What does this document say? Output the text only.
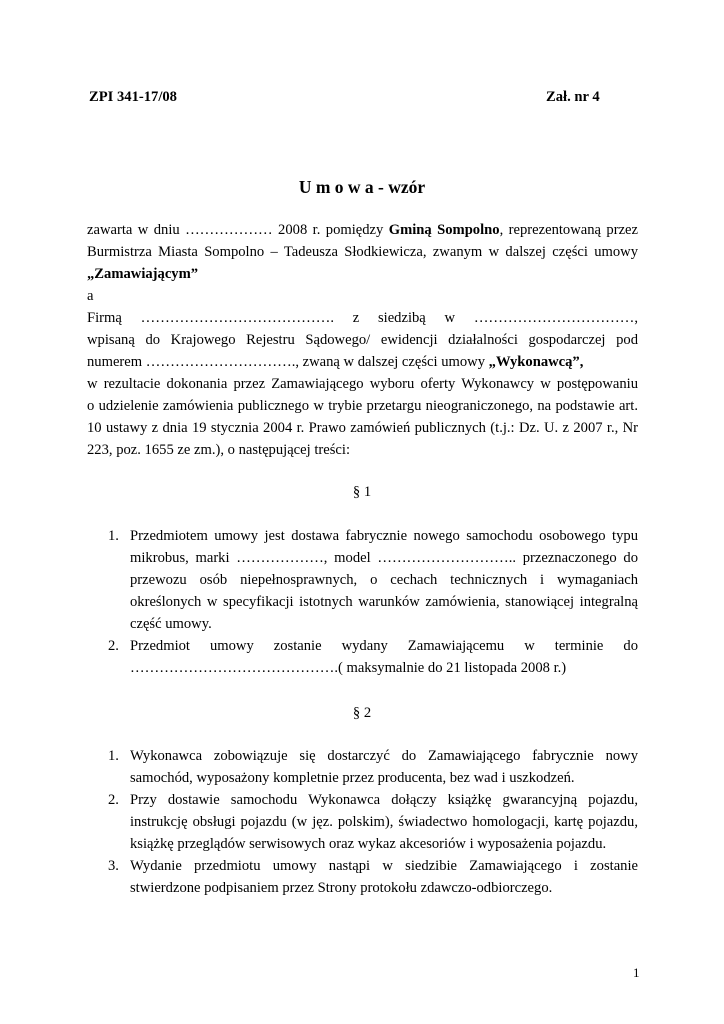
ZPI 341-17/08	Zał. nr 4
U m o w a - wzór
zawarta w dniu ……………… 2008 r. pomiędzy Gminą Sompolno, reprezentowaną przez
Burmistrza Miasta Sompolno – Tadeusza Słodkiewicza, zwanym w dalszej części umowy
„Zamawiającym”
a
Firmą …………………………………. z siedzibą w ……………………………,
wpisaną do Krajowego Rejestru Sądowego/ ewidencji działalności gospodarczej pod
numerem …………………………., zwaną w dalszej części umowy „Wykonawcą”,
w rezultacie dokonania przez Zamawiającego wyboru oferty Wykonawcy w postępowaniu
o udzielenie zamówienia publicznego w trybie przetargu nieograniczonego, na podstawie art.
10 ustawy z dnia 19 stycznia 2004 r. Prawo zamówień publicznych (t.j.: Dz. U. z 2007 r., Nr
223, poz. 1655 ze zm.), o następującej treści:
§ 1
1. Przedmiotem umowy jest dostawa fabrycznie nowego samochodu osobowego typu
mikrobus, marki ………………, model ……………………….. przeznaczonego do
przewozu osób niepełnosprawnych, o cechach technicznych i wymaganiach
określonych w specyfikacji istotnych warunków zamówienia, stanowiącej integralną
część umowy.
2. Przedmiot umowy zostanie wydany Zamawiającemu w terminie do
…………………………………….( maksymalnie do 21 listopada 2008 r.)
§ 2
1. Wykonawca zobowiązuje się dostarczyć do Zamawiającego fabrycznie nowy
samochód, wyposażony kompletnie przez producenta, bez wad i uszkodzeń.
2. Przy dostawie samochodu Wykonawca dołączy książkę gwarancyjną pojazdu,
instrukcję obsługi pojazdu (w jęz. polskim), świadectwo homologacji, kartę pojazdu,
książkę przeglądów serwisowych oraz wykaz akcesoriów i wyposażenia pojazdu.
3. Wydanie przedmiotu umowy nastąpi w siedzibie Zamawiającego i zostanie
stwierdzone podpisaniem przez Strony protokołu zdawczo-odbiorczego.
1
